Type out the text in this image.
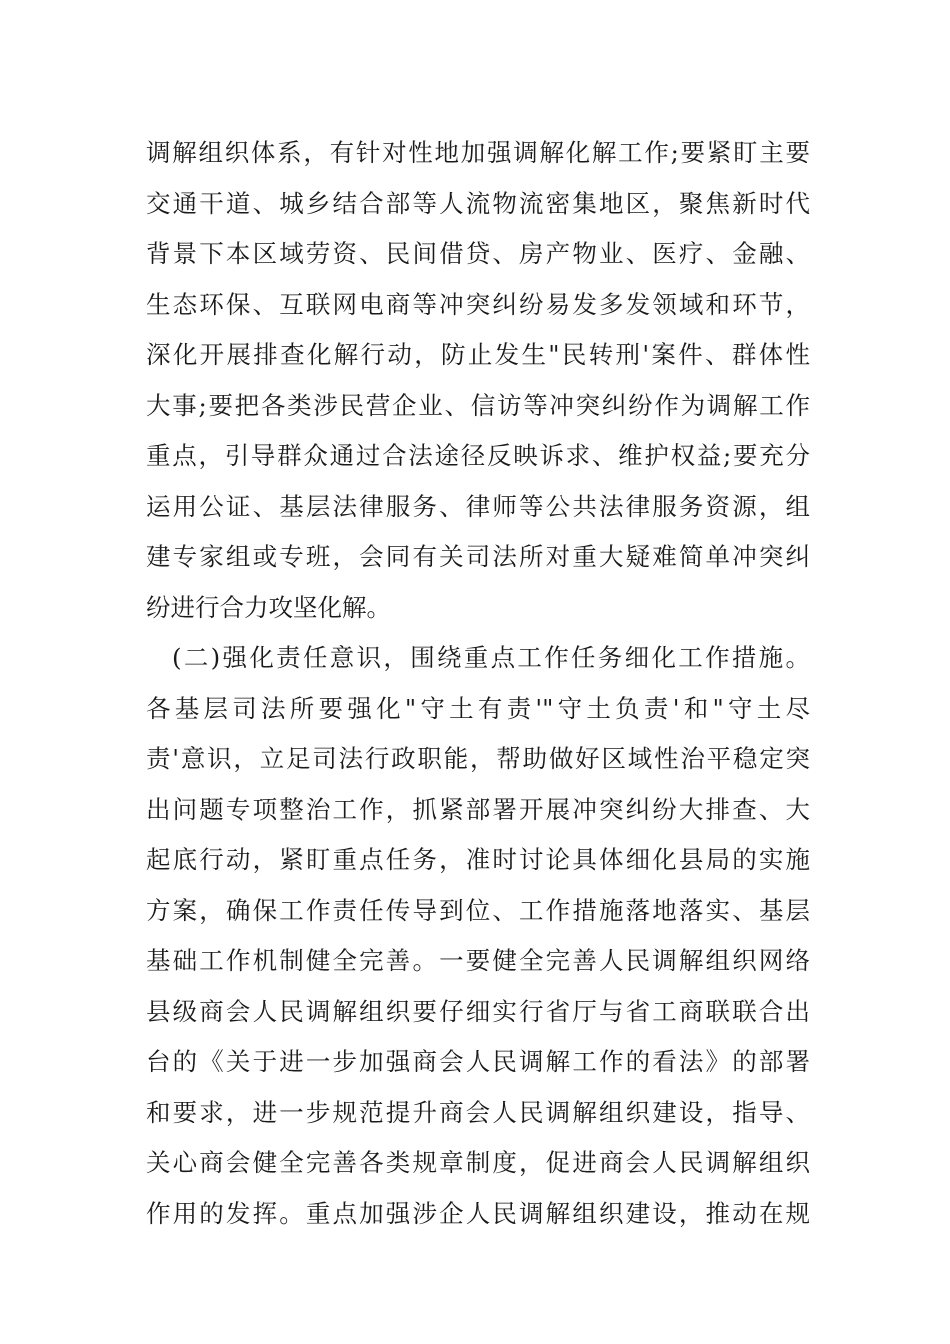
调解组织体系，有针对性地加强调解化解工作;要紧盯主要
交通干道、城乡结合部等人流物流密集地区，聚焦新时代
背景下本区域劳资、民间借贷、房产物业、医疗、金融、
生态环保、互联网电商等冲突纠纷易发多发领域和环节，
深化开展排查化解行动，防止发生"民转刑'案件、群体性
大事;要把各类涉民营企业、信访等冲突纠纷作为调解工作
重点，引导群众通过合法途径反映诉求、维护权益;要充分
运用公证、基层法律服务、律师等公共法律服务资源，组
建专家组或专班，会同有关司法所对重大疑难简单冲突纠
纷进行合力攻坚化解。
(二)强化责任意识，围绕重点工作任务细化工作措施。
各基层司法所要强化"守土有责'"守土负责'和"守土尽
责'意识，立足司法行政职能，帮助做好区域性治平稳定突
出问题专项整治工作，抓紧部署开展冲突纠纷大排查、大
起底行动，紧盯重点任务，准时讨论具体细化县局的实施
方案，确保工作责任传导到位、工作措施落地落实、基层
基础工作机制健全完善。一要健全完善人民调解组织网络
县级商会人民调解组织要仔细实行省厅与省工商联联合出
台的《关于进一步加强商会人民调解工作的看法》的部署
和要求，进一步规范提升商会人民调解组织建设，指导、
关心商会健全完善各类规章制度，促进商会人民调解组织
作用的发挥。重点加强涉企人民调解组织建设，推动在规
